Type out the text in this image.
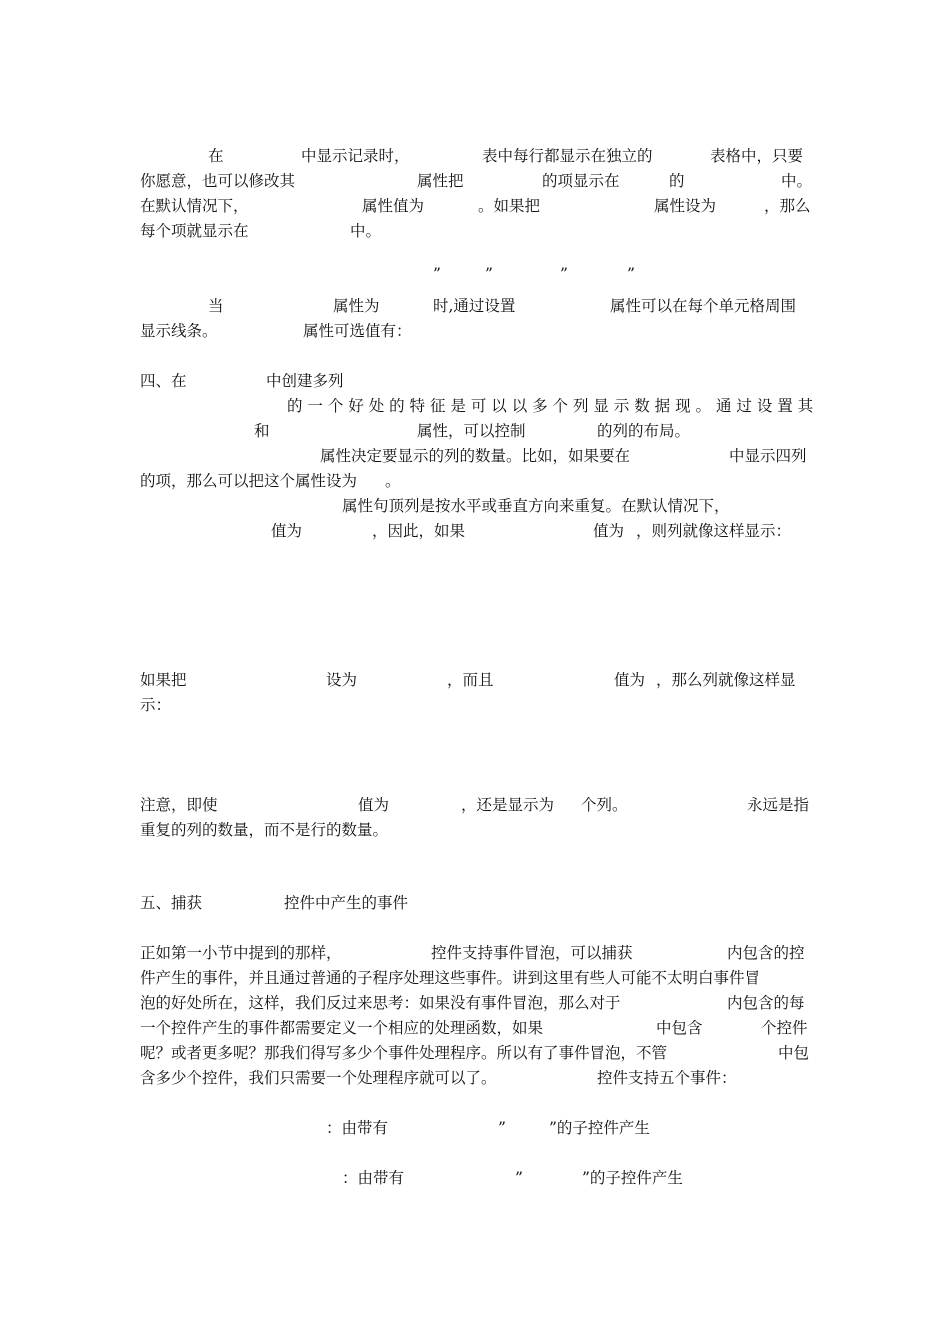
在	中显示记录时，	表中每行都显示在独立的	表格中，只要
你愿意，也可以修改其	属性把	的项显示在	的	中。
在默认情况下，	属性值为	。如果把	属性设为	，那么
每个项就显示在	中。
”	”	”	”
当	属性为	时,通过设置	属性可以在每个单元格周围
显示线条。	属性可选值有：
四、在	中创建多列
的 一 个 好 处 的 特 征 是 可 以 以 多 个 列 显 示 数 据 现 。 通 过 设 置 其
和	属性，可以控制	的列的布局。
属性决定要显示的列的数量。比如，如果要在	中显示四列
的项，那么可以把这个属性设为 。
属性句顶列是按水平或垂直方向来重复。在默认情况下，
值为	，因此，如果	值为 ，则列就像这样显示：
如果把	设为	，而且	值为 ，那么列就像这样显
示：
注意，即使	值为	，还是显示为 个列。	永远是指
重复的列的数量，而不是行的数量。
五、捕获	控件中产生的事件
正如第一小节中提到的那样，	控件支持事件冒泡，可以捕获	内包含的控
件产生的事件，并且通过普通的子程序处理这些事件。讲到这里有些人可能不太明白事件冒
泡的好处所在，这样，我们反过来思考：如果没有事件冒泡，那么对于	内包含的每
一个控件产生的事件都需要定义一个相应的处理函数，如果	中包含	个控件
呢？或者更多呢？那我们得写多少个事件处理程序。所以有了事件冒泡，不管	中包
含多少个控件，我们只需要一个处理程序就可以了。	控件支持五个事件：
：由带有	”	”的子控件产生
：由带有	”	”的子控件产生
